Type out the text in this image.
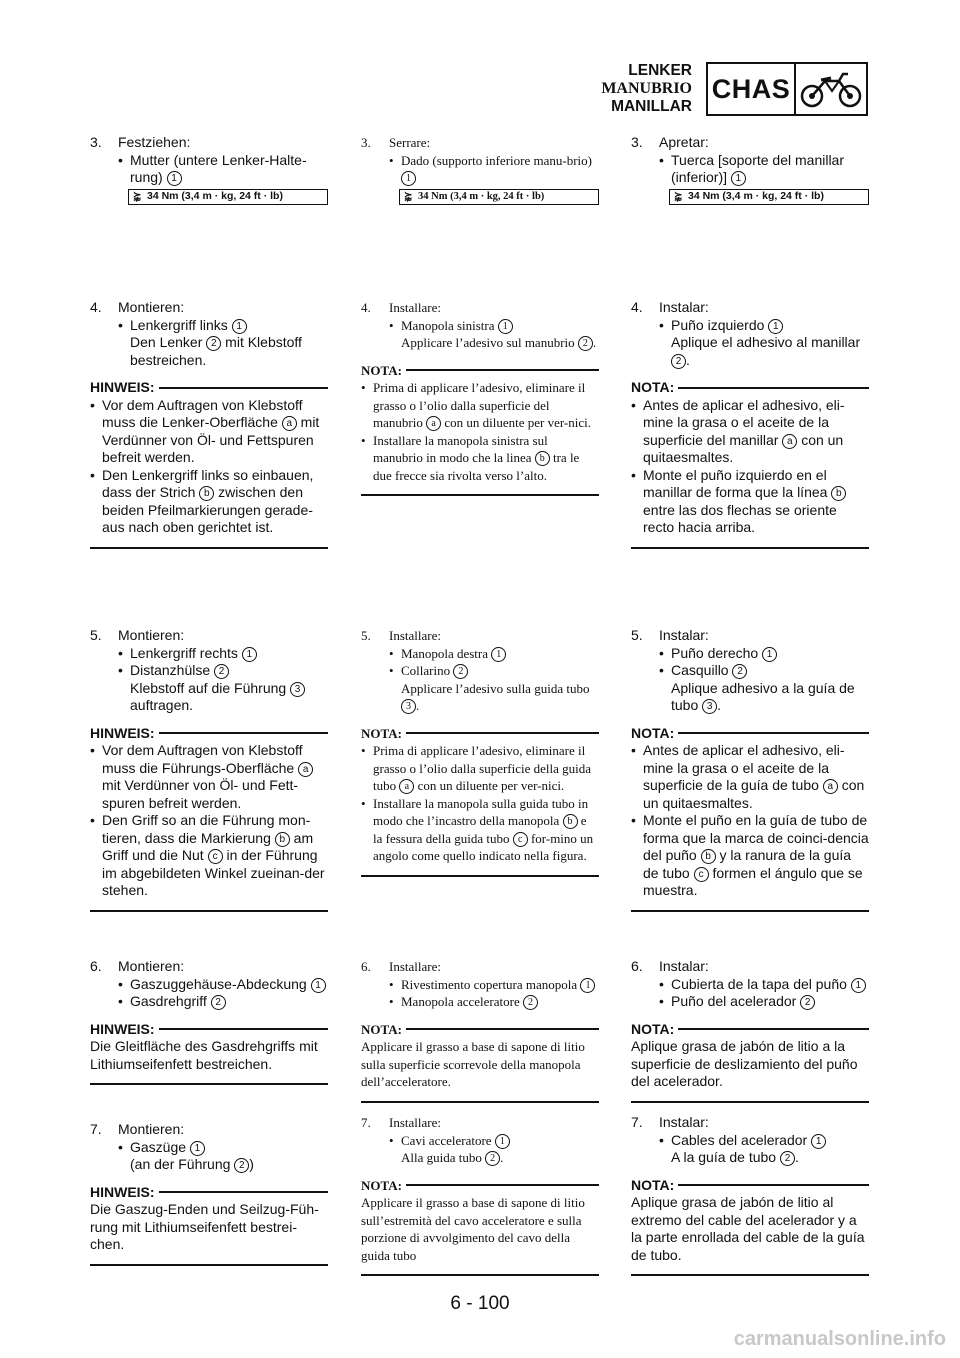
LENKER
MANUBRIO
MANILLAR
CHAS
3. Festziehen:
• Mutter (untere Lenker-Halte-rung) 1
⪺ 34 Nm (3,4 m · kg, 24 ft · lb)
4. Montieren:
• Lenkergriff links 1
Den Lenker 2 mit Klebstoff bestreichen.
HINWEIS:
• Vor dem Auftragen von Klebstoff muss die Lenker-Oberfläche a mit Verdünner von Öl- und Fettspuren befreit werden.
• Den Lenkergriff links so einbauen, dass der Strich b zwischen den beiden Pfeilmarkierungen gerade-aus nach oben gerichtet ist.
5. Montieren:
• Lenkergriff rechts 1
• Distanzhülse 2
Klebstoff auf die Führung 3 auftragen.
HINWEIS:
• Vor dem Auftragen von Klebstoff muss die Führungs-Oberfläche a mit Verdünner von Öl- und Fett-spuren befreit werden.
• Den Griff so an die Führung mon-tieren, dass die Markierung b am Griff und die Nut c in der Führung im abgebildeten Winkel zueinan-der stehen.
6. Montieren:
• Gaszuggehäuse-Abdeckung 1
• Gasdrehgriff 2
HINWEIS:
Die Gleitfläche des Gasdrehgriffs mit Lithiumseifenfett bestreichen.
7. Montieren:
• Gaszüge 1
(an der Führung 2 )
HINWEIS:
Die Gaszug-Enden und Seilzug-Füh-rung mit Lithiumseifenfett bestrei-chen.
3. Serrare:
• Dado (supporto inferiore manu-brio) 1
⪺ 34 Nm (3,4 m · kg, 24 ft · lb)
4. Installare:
• Manopola sinistra 1
Applicare l’adesivo sul manubrio 2 .
NOTA:
• Prima di applicare l’adesivo, eliminare il grasso o l’olio dalla superficie del manubrio a con un diluente per ver-nici.
• Installare la manopola sinistra sul manubrio in modo che la linea b tra le due frecce sia rivolta verso l’alto.
5. Installare:
• Manopola destra 1
• Collarino 2
Applicare l’adesivo sulla guida tubo 3 .
NOTA:
• Prima di applicare l’adesivo, eliminare il grasso o l’olio dalla superficie della guida tubo a con un diluente per ver-nici.
• Installare la manopola sulla guida tubo in modo che l’incastro della manopola b e la fessura della guida tubo c for-mino un angolo come quello indicato nella figura.
6. Installare:
• Rivestimento copertura manopola 1
• Manopola acceleratore 2
NOTA:
Applicare il grasso a base di sapone di litio sulla superficie scorrevole della manopola dell’acceleratore.
7. Installare:
• Cavi acceleratore 1
Alla guida tubo 2 .
NOTA:
Applicare il grasso a base di sapone di litio sull’estremità del cavo acceleratore e sulla porzione di avvolgimento del cavo della guida tubo
3. Apretar:
• Tuerca [soporte del manillar (inferior)] 1
⪺ 34 Nm (3,4 m · kg, 24 ft · lb)
4. Instalar:
• Puño izquierdo 1
Aplique el adhesivo al manillar 2 .
NOTA:
• Antes de aplicar el adhesivo, eli-mine la grasa o el aceite de la superficie del manillar a con un quitaesmaltes.
• Monte el puño izquierdo en el manillar de forma que la línea b entre las dos flechas se oriente recto hacia arriba.
5. Instalar:
• Puño derecho 1
• Casquillo 2
Aplique adhesivo a la guía de tubo 3 .
NOTA:
• Antes de aplicar el adhesivo, eli-mine la grasa o el aceite de la superficie de la guía de tubo a con un quitaesmaltes.
• Monte el puño en la guía de tubo de forma que la marca de coinci-dencia del puño b y la ranura de la guía de tubo c formen el ángulo que se muestra.
6. Instalar:
• Cubierta de la tapa del puño 1
• Puño del acelerador 2
NOTA:
Aplique grasa de jabón de litio a la superficie de deslizamiento del puño del acelerador.
7. Instalar:
• Cables del acelerador 1
A la guía de tubo 2 .
NOTA:
Aplique grasa de jabón de litio al extremo del cable del acelerador y a la parte enrollada del cable de la guía de tubo.
6 - 100
carmanualsonline.info
